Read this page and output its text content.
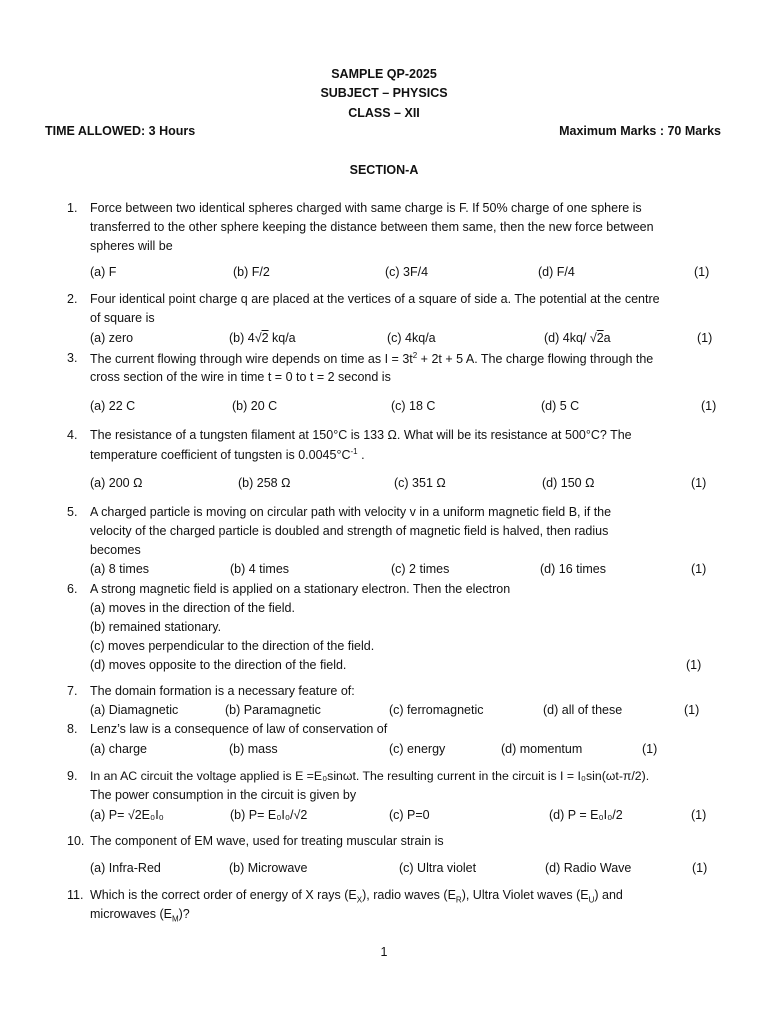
SAMPLE QP-2025
SUBJECT – PHYSICS
CLASS – XII
TIME ALLOWED: 3 Hours	Maximum Marks : 70 Marks
SECTION-A
1. Force between two identical spheres charged with same charge is F. If 50% charge of one sphere is
transferred to the other sphere keeping the distance between them same, then the new force between
spheres will be
(a) F	(b) F/2	(c) 3F/4	(d) F/4	(1)
2. Four identical point charge q are placed at the vertices of a square of side a. The potential at the centre
of square is
(a) zero	(b) 4√2 kq/a	(c) 4kq/a	(d) 4kq/ √2a	(1)
3. The current flowing through wire depends on time as $I = 3t^2 + 2t + 5$ A. The charge flowing through the
cross section of the wire in time t = 0 to t = 2 second is
(a) 22 C	(b) 20 C	(c) 18 C	(d) 5 C	(1)
4. The resistance of a tungsten filament at 150°C is 133 Ω. What will be its resistance at 500°C? The
temperature coefficient of tungsten is $0.0045^\circ C^{-1}$ .
(a) 200 Ω	(b) 258 Ω	(c) 351 Ω	(d) 150 Ω	(1)
5. A charged particle is moving on circular path with velocity v in a uniform magnetic field B, if the
velocity of the charged particle is doubled and strength of magnetic field is halved, then radius
becomes
(a) 8 times	(b) 4 times	(c) 2 times	(d) 16 times	(1)
6. A strong magnetic field is applied on a stationary electron. Then the electron
(a) moves in the direction of the field.
(b) remained stationary.
(c) moves perpendicular to the direction of the field.
(d) moves opposite to the direction of the field.	(1)
7. The domain formation is a necessary feature of:
(a) Diamagnetic	(b) Paramagnetic	(c) ferromagnetic	(d) all of these	(1)
8. Lenz’s law is a consequence of law of conservation of
(a) charge	(b) mass	(c) energy	(d) momentum	(1)
9. In an AC circuit the voltage applied is E =E₀sinωt. The resulting current in the circuit is I = I₀sin(ωt-π/2).
The power consumption in the circuit is given by
(a) P= √2E₀I₀	(b) P= E₀I₀/√2	(c) P=0	(d) P = E₀I₀/2	(1)
10. The component of EM wave, used for treating muscular strain is
(a) Infra-Red	(b) Microwave	(c) Ultra violet	(d) Radio Wave	(1)
11. Which is the correct order of energy of X rays $(E_X)$, radio waves $(E_R)$, Ultra Violet waves $(E_U)$ and
microwaves $(E_M)$?
1
